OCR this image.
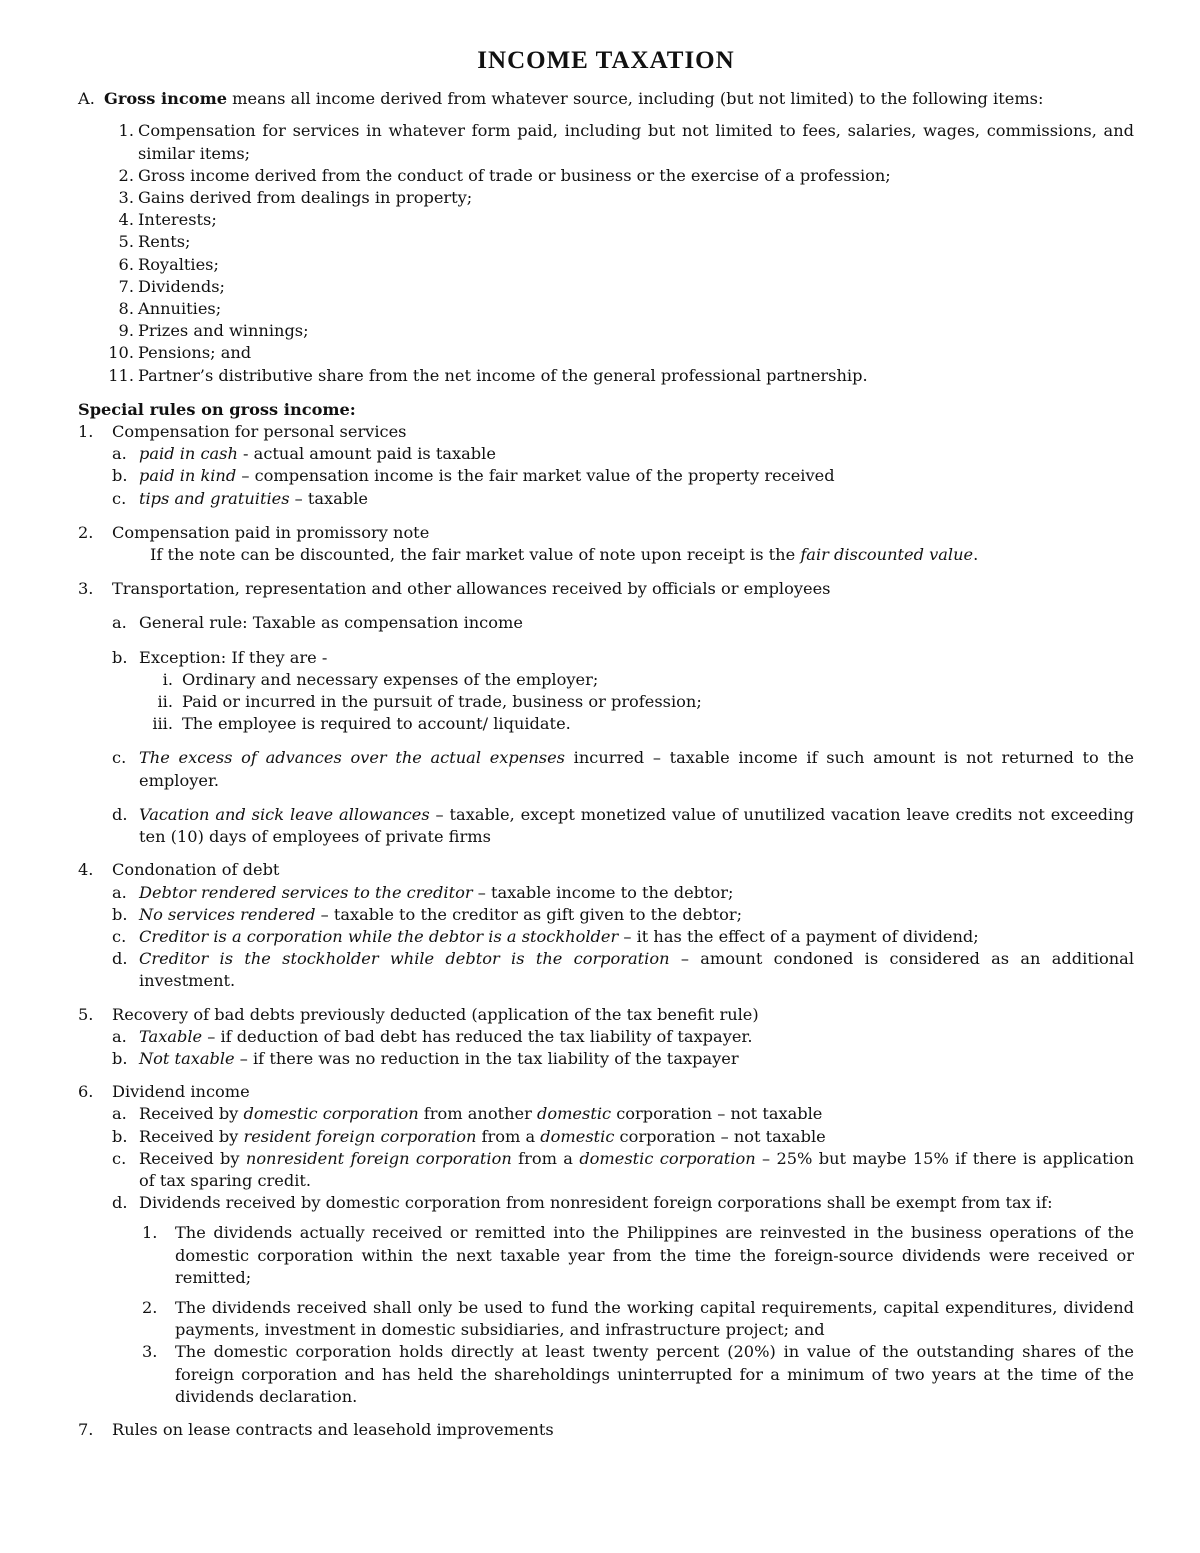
INCOME TAXATION
A. Gross income means all income derived from whatever source, including (but not limited) to the following items:
1. Compensation for services in whatever form paid, including but not limited to fees, salaries, wages, commissions, and similar items;
2. Gross income derived from the conduct of trade or business or the exercise of a profession;
3. Gains derived from dealings in property;
4. Interests;
5. Rents;
6. Royalties;
7. Dividends;
8. Annuities;
9. Prizes and winnings;
10. Pensions; and
11. Partner’s distributive share from the net income of the general professional partnership.
Special rules on gross income:
1.	Compensation for personal services
a. paid in cash - actual amount paid is taxable
b. paid in kind – compensation income is the fair market value of the property received
c. tips and gratuities – taxable
2.	Compensation paid in promissory note
If the note can be discounted, the fair market value of note upon receipt is the fair discounted value.
3.	Transportation, representation and other allowances received by officials or employees
a. General rule: Taxable as compensation income
b. Exception: If they are -
i. Ordinary and necessary expenses of the employer;
ii. Paid or incurred in the pursuit of trade, business or profession;
iii. The employee is required to account/ liquidate.
c. The excess of advances over the actual expenses incurred – taxable income if such amount is not returned to the employer.
d. Vacation and sick leave allowances – taxable, except monetized value of unutilized vacation leave credits not exceeding ten (10) days of employees of private firms
4.	Condonation of debt
a. Debtor rendered services to the creditor – taxable income to the debtor;
b. No services rendered – taxable to the creditor as gift given to the debtor;
c. Creditor is a corporation while the debtor is a stockholder – it has the effect of a payment of dividend;
d. Creditor is the stockholder while debtor is the corporation – amount condoned is considered as an additional investment.
5.	Recovery of bad debts previously deducted (application of the tax benefit rule)
a. Taxable – if deduction of bad debt has reduced the tax liability of taxpayer.
b. Not taxable – if there was no reduction in the tax liability of the taxpayer
6.	Dividend income
a. Received by domestic corporation from another domestic corporation – not taxable
b. Received by resident foreign corporation from a domestic corporation – not taxable
c. Received by nonresident foreign corporation from a domestic corporation – 25% but maybe 15% if there is application of tax sparing credit.
d. Dividends received by domestic corporation from nonresident foreign corporations shall be exempt from tax if:
1.	The dividends actually received or remitted into the Philippines are reinvested in the business operations of the domestic corporation within the next taxable year from the time the foreign-source dividends were received or remitted;
2.	The dividends received shall only be used to fund the working capital requirements, capital expenditures, dividend payments, investment in domestic subsidiaries, and infrastructure project; and
3.	The domestic corporation holds directly at least twenty percent (20%) in value of the outstanding shares of the foreign corporation and has held the shareholdings uninterrupted for a minimum of two years at the time of the dividends declaration.
7.	Rules on lease contracts and leasehold improvements
